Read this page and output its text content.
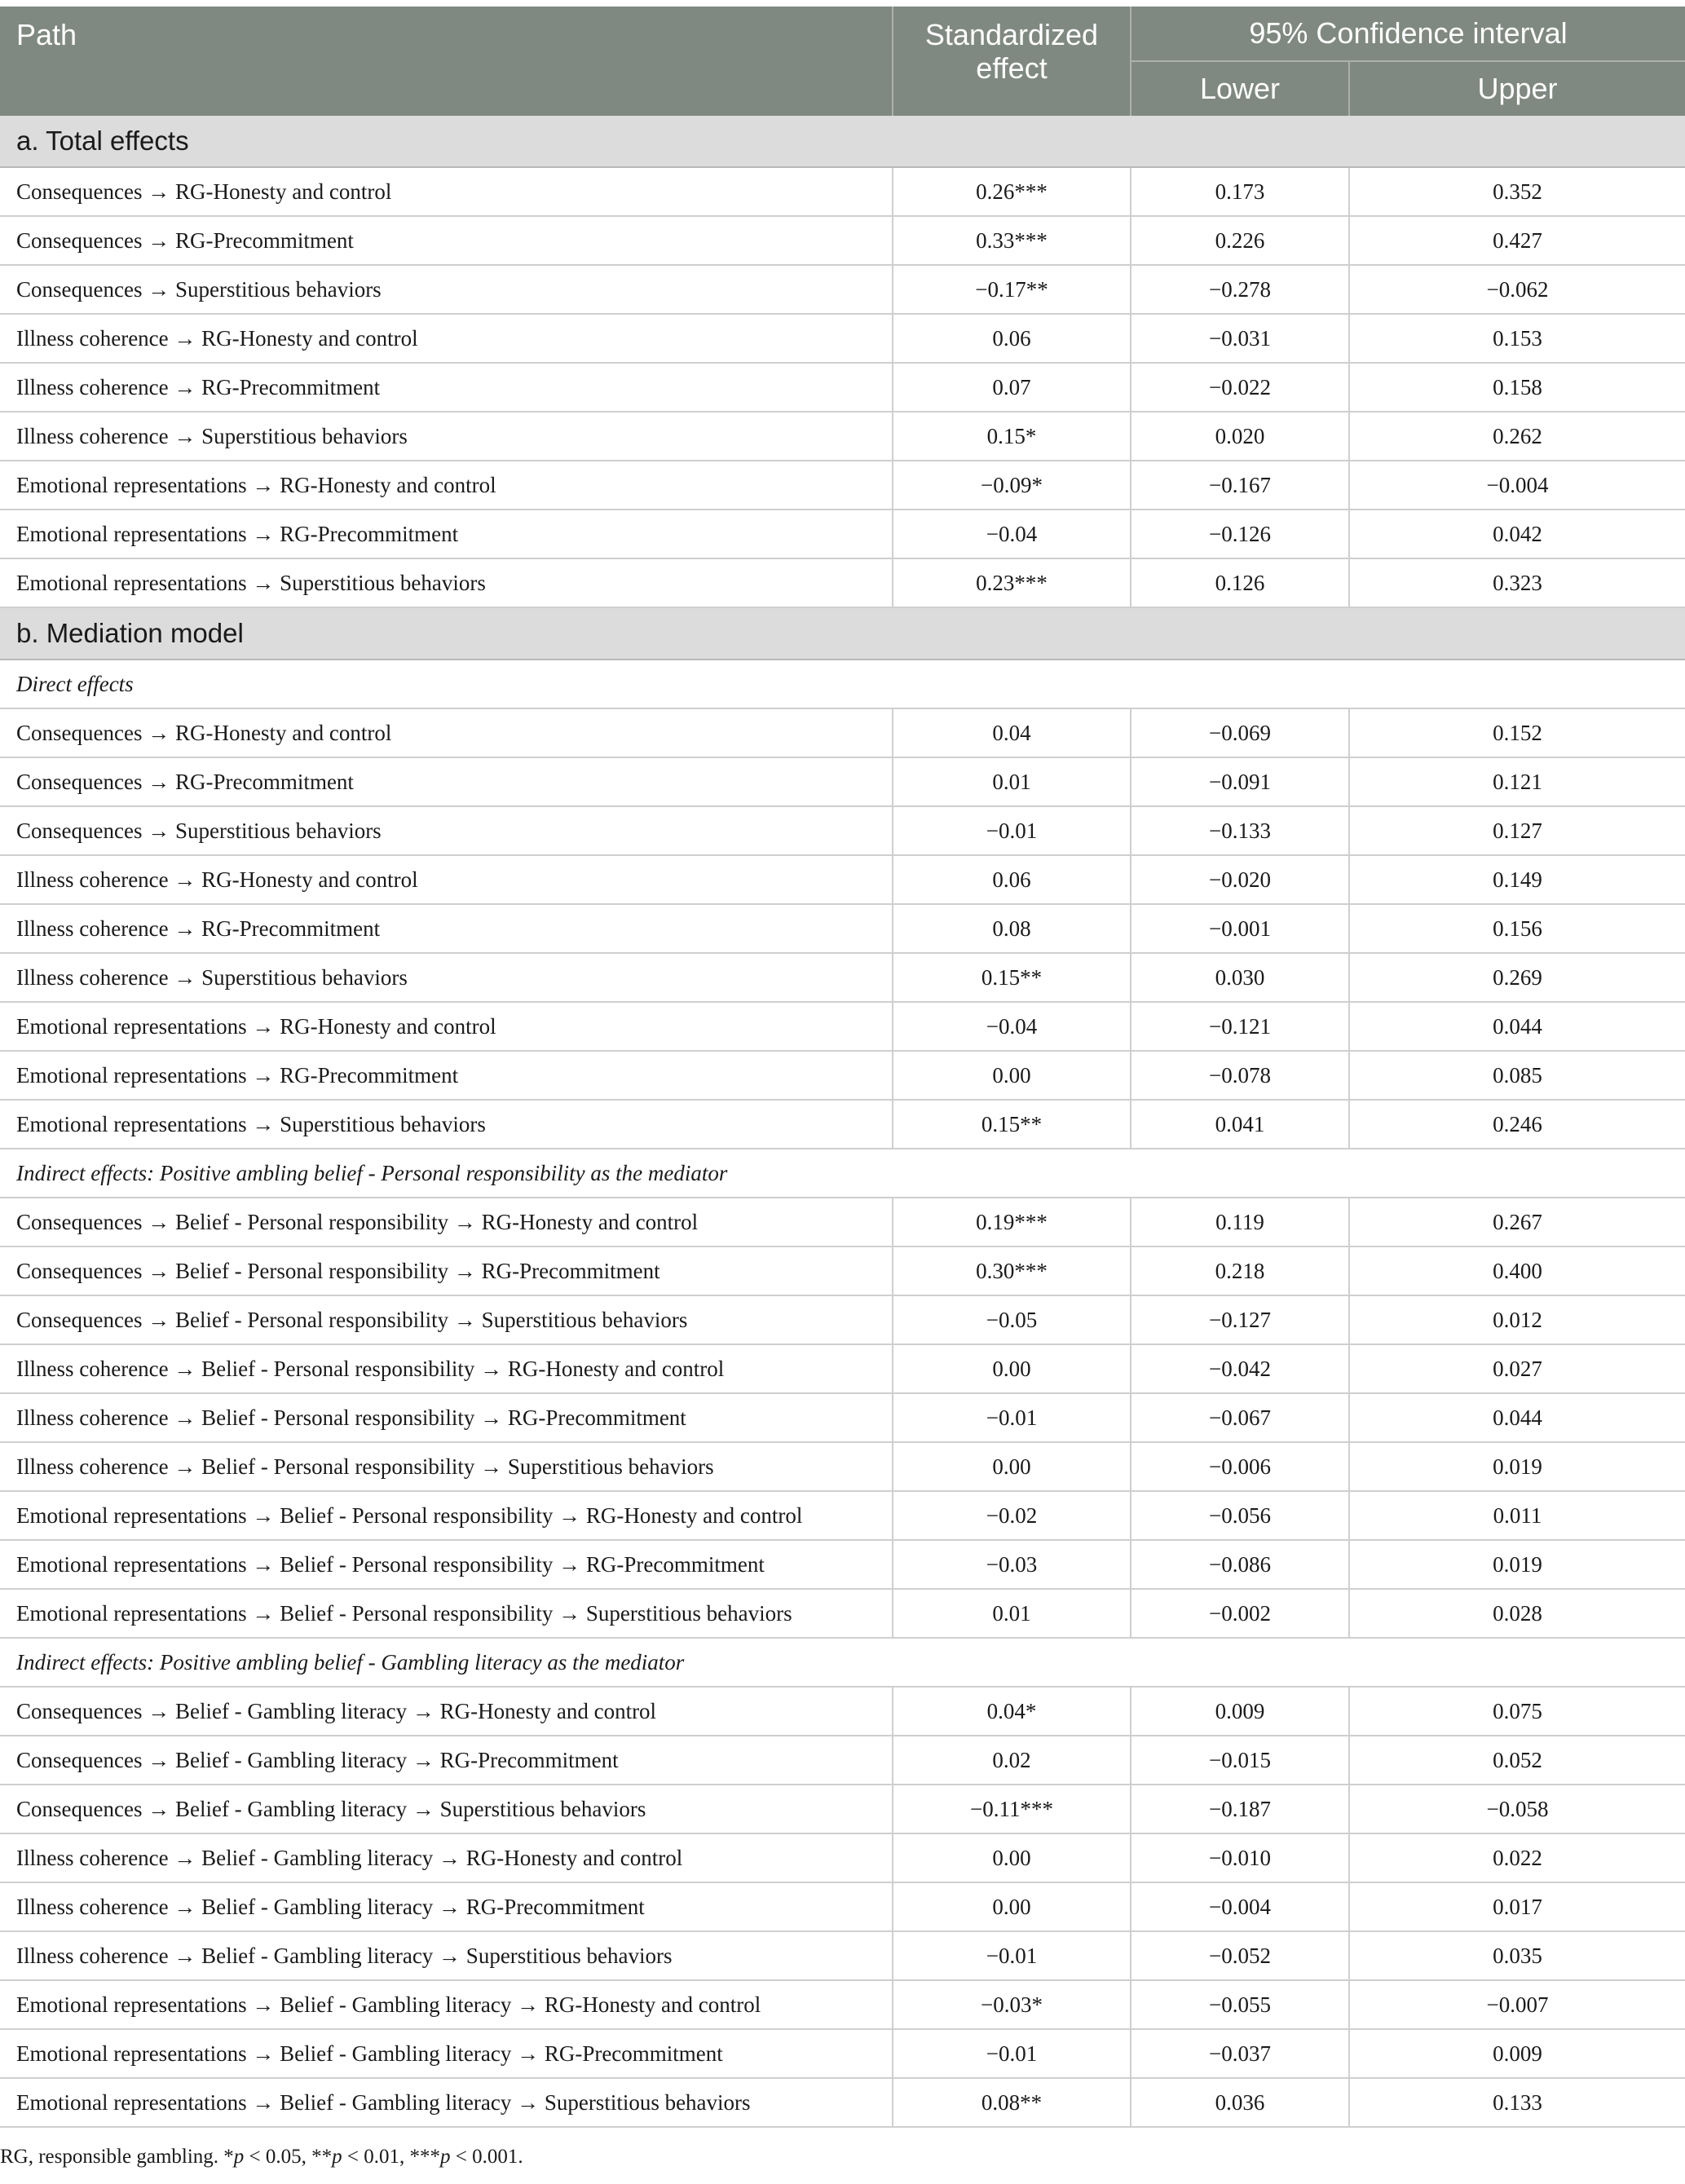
Path	Standardized effect
95% Confidence interval
Lower	Upper
a. Total effects
Consequences → RG-Honesty and control	0.26***	0.173	0.352
Consequences → RG-Precommitment	0.33***	0.226	0.427
Consequences → Superstitious behaviors	−0.17**	−0.278	−0.062
Illness coherence → RG-Honesty and control	0.06	−0.031	0.153
Illness coherence → RG-Precommitment	0.07	−0.022	0.158
Illness coherence → Superstitious behaviors	0.15*	0.020	0.262
Emotional representations → RG-Honesty and control	−0.09*	−0.167	−0.004
Emotional representations → RG-Precommitment	−0.04	−0.126	0.042
Emotional representations → Superstitious behaviors	0.23***	0.126	0.323
b. Mediation model
Direct effects
Consequences → RG-Honesty and control	0.04	−0.069	0.152
Consequences → RG-Precommitment	0.01	−0.091	0.121
Consequences → Superstitious behaviors	−0.01	−0.133	0.127
Illness coherence → RG-Honesty and control	0.06	−0.020	0.149
Illness coherence → RG-Precommitment	0.08	−0.001	0.156
Illness coherence → Superstitious behaviors	0.15**	0.030	0.269
Emotional representations → RG-Honesty and control	−0.04	−0.121	0.044
Emotional representations → RG-Precommitment	0.00	−0.078	0.085
Emotional representations → Superstitious behaviors	0.15**	0.041	0.246
Indirect effects: Positive ambling belief - Personal responsibility as the mediator
Consequences → Belief - Personal responsibility → RG-Honesty and control	0.19***	0.119	0.267
Consequences → Belief - Personal responsibility → RG-Precommitment	0.30***	0.218	0.400
Consequences → Belief - Personal responsibility → Superstitious behaviors	−0.05	−0.127	0.012
Illness coherence → Belief - Personal responsibility → RG-Honesty and control	0.00	−0.042	0.027
Illness coherence → Belief - Personal responsibility → RG-Precommitment	−0.01	−0.067	0.044
Illness coherence → Belief - Personal responsibility → Superstitious behaviors	0.00	−0.006	0.019
Emotional representations → Belief - Personal responsibility → RG-Honesty and control	−0.02	−0.056	0.011
Emotional representations → Belief - Personal responsibility → RG-Precommitment	−0.03	−0.086	0.019
Emotional representations → Belief - Personal responsibility → Superstitious behaviors	0.01	−0.002	0.028
Indirect effects: Positive ambling belief - Gambling literacy as the mediator
Consequences → Belief - Gambling literacy → RG-Honesty and control	0.04*	0.009	0.075
Consequences → Belief - Gambling literacy → RG-Precommitment	0.02	−0.015	0.052
Consequences → Belief - Gambling literacy → Superstitious behaviors	−0.11***	−0.187	−0.058
Illness coherence → Belief - Gambling literacy → RG-Honesty and control	0.00	−0.010	0.022
Illness coherence → Belief - Gambling literacy → RG-Precommitment	0.00	−0.004	0.017
Illness coherence → Belief - Gambling literacy → Superstitious behaviors	−0.01	−0.052	0.035
Emotional representations → Belief - Gambling literacy → RG-Honesty and control	−0.03*	−0.055	−0.007
Emotional representations → Belief - Gambling literacy → RG-Precommitment	−0.01	−0.037	0.009
Emotional representations → Belief - Gambling literacy → Superstitious behaviors	0.08**	0.036	0.133
RG, responsible gambling. *p < 0.05, **p < 0.01, ***p < 0.001.
